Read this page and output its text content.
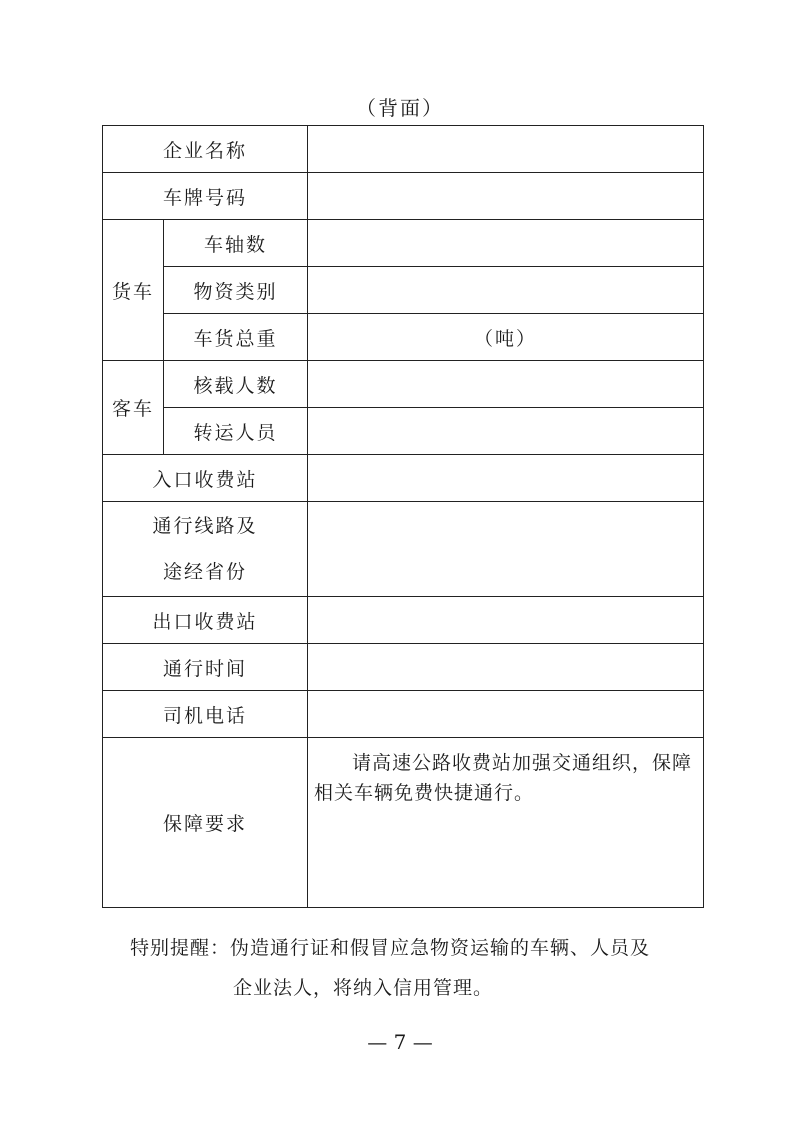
（背面）
企业名称		
车牌号码		
货车	车轴数	
	物资类别	
	车货总重	（吨）
客车	核载人数	
	转运人员	
入口收费站		

通行线路及
途经省份		

出口收费站		
通行时间		
司机电话		
保障要求		请高速公路收费站加强交通组织，保障相关车辆免费快捷通行。

特别提醒：伪造通行证和假冒应急物资运输的车辆、人员及
企业法人，将纳入信用管理。
— 7 —
